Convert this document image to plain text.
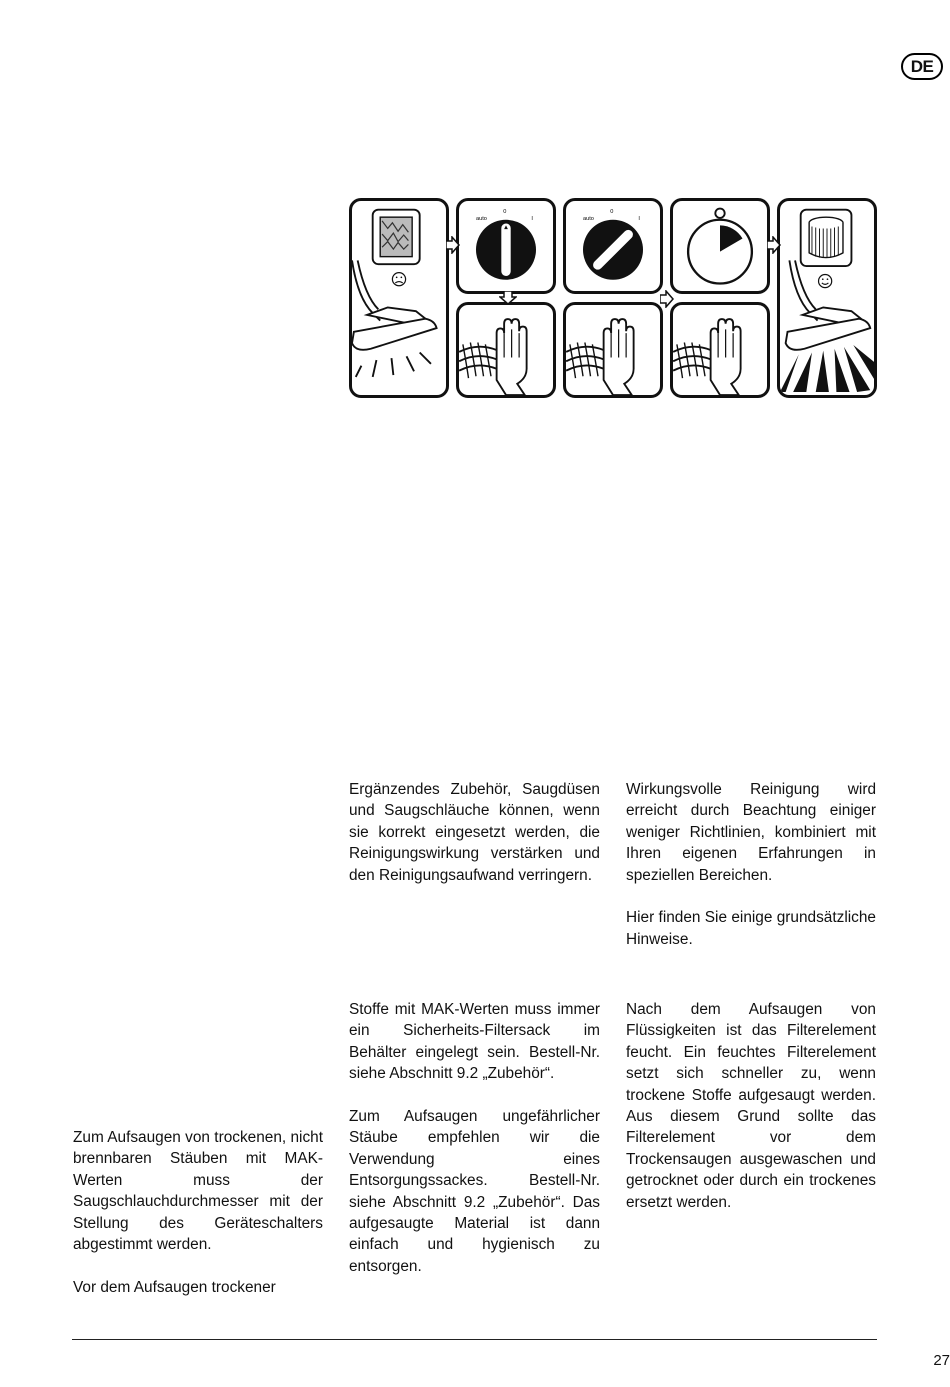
DE
auto
0
I	auto
0
I

Ergänzendes Zubehör, Saugdüsen und Saugschläuche können, wenn sie korrekt eingesetzt werden, die Reinigungswirkung verstärken und den Reinigungsaufwand verringern.

Wirkungsvolle Reinigung wird erreicht durch Beachtung einiger weniger Richtlinien, kombiniert mit Ihren eigenen Erfahrungen in speziellen Bereichen.

Hier finden Sie einige grundsätzliche Hinweise.

Stoffe mit MAK-Werten muss immer ein Sicherheits-Filtersack im Behälter eingelegt sein. Bestell-Nr. siehe Abschnitt 9.2 „Zubehör“.

Zum Aufsaugen ungefährlicher Stäube empfehlen wir die Verwendung eines Entsorgungssackes. Bestell-Nr. siehe Abschnitt 9.2 „Zubehör“. Das aufgesaugte Material ist dann einfach und hygienisch zu entsorgen.

Nach dem Aufsaugen von Flüssigkeiten ist das Filterelement feucht. Ein feuchtes Filterelement setzt sich schneller zu, wenn trockene Stoffe aufgesaugt werden. Aus diesem Grund sollte das Filterelement vor dem Trockensaugen ausgewaschen und getrocknet oder durch ein trockenes ersetzt werden.

Zum Aufsaugen von trockenen, nicht brennbaren Stäuben mit MAK-Werten muss der Saugschlauchdurchmesser mit der Stellung des Geräteschalters abgestimmt werden.

Vor dem Aufsaugen trockener

27
